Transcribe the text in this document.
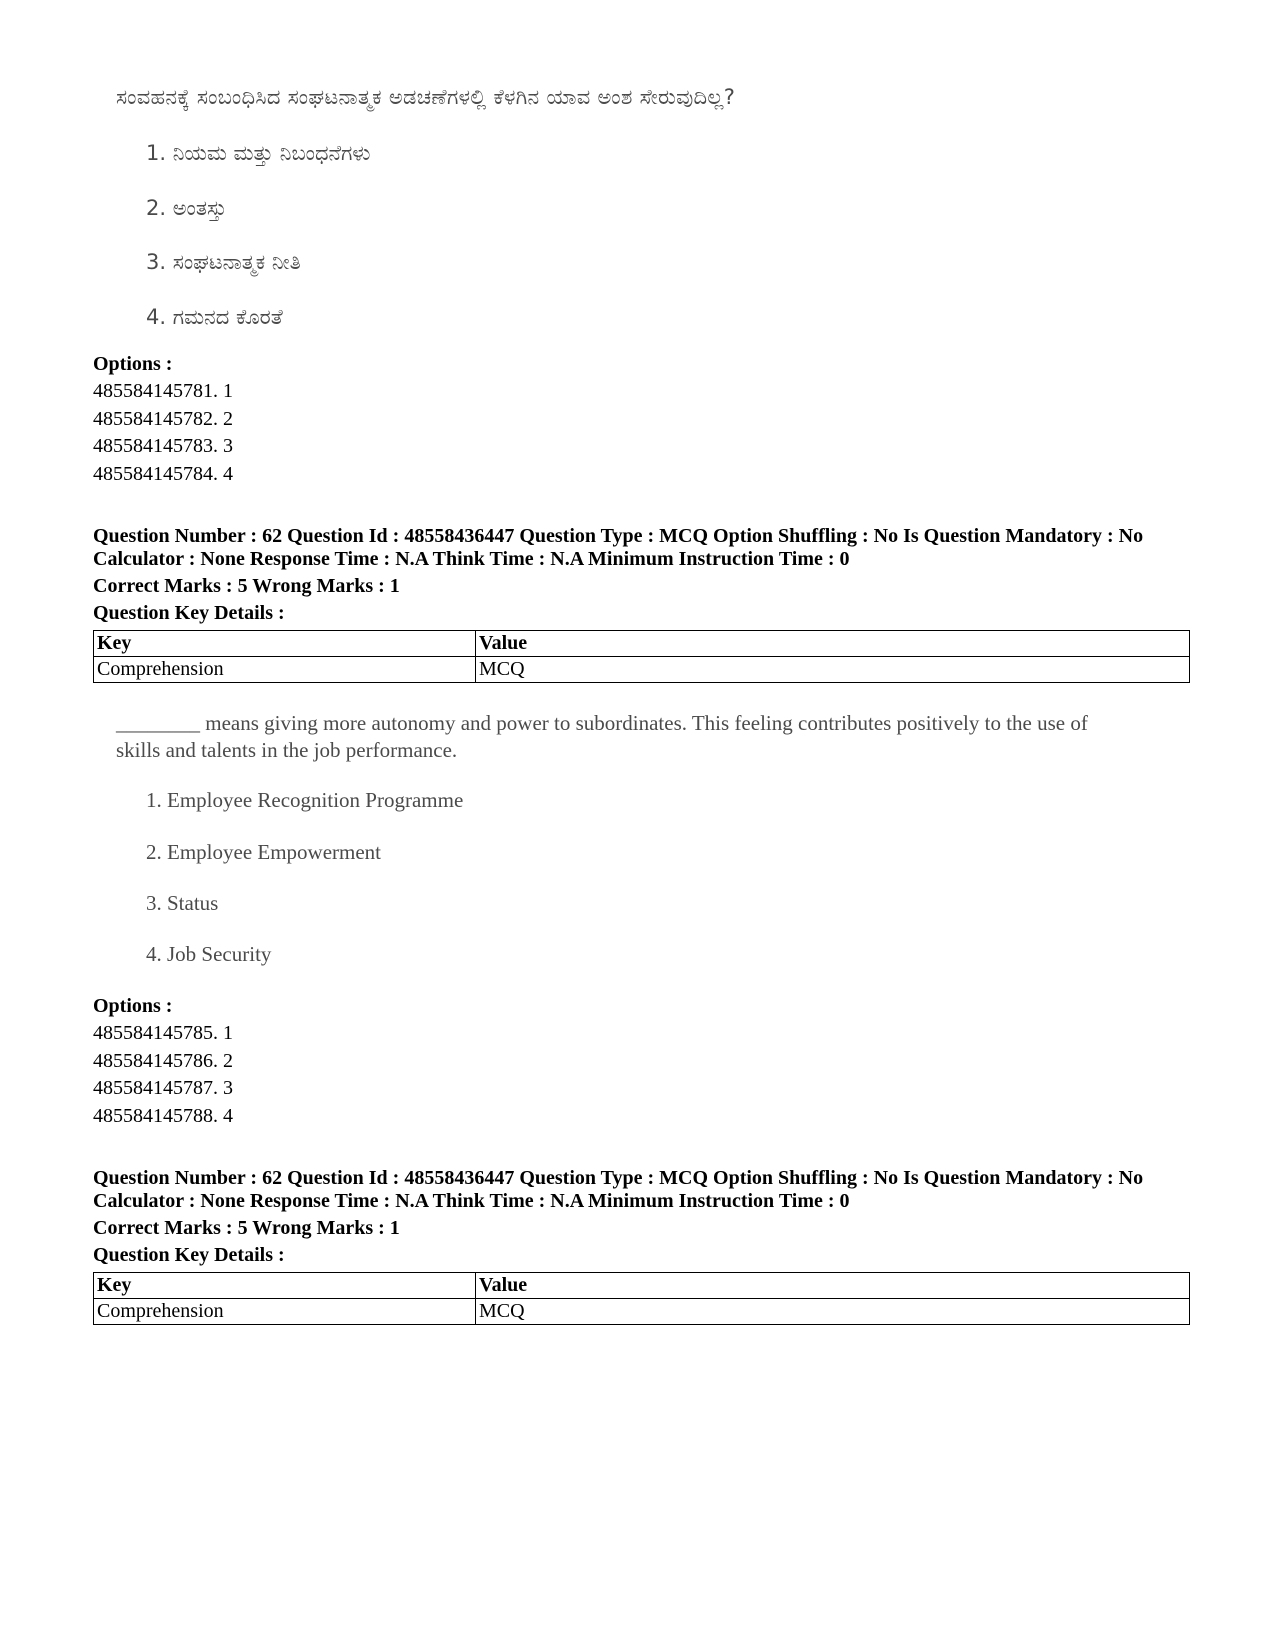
ಸಂವಹನಕ್ಕೆ ಸಂಬಂಧಿಸಿದ ಸಂಘಟನಾತ್ಮಕ ಅಡಚಣೆಗಳಲ್ಲಿ ಕೆಳಗಿನ ಯಾವ ಅಂಶ ಸೇರುವುದಿಲ್ಲ?

1. ನಿಯಮ ಮತ್ತು ನಿಬಂಧನೆಗಳು

2. ಅಂತಸ್ತು

3. ಸಂಘಟನಾತ್ಮಕ ನೀತಿ

4. ಗಮನದ ಕೊರತೆ

Options :
485584145781. 1
485584145782. 2
485584145783. 3
485584145784. 4
Question Number : 62 Question Id : 48558436447 Question Type : MCQ Option Shuffling : No Is Question Mandatory : No Calculator : None Response Time : N.A Think Time : N.A Minimum Instruction Time : 0
Correct Marks : 5 Wrong Marks : 1
Question Key Details :
Key	Value
Comprehension	MCQ

________ means giving more autonomy and power to subordinates. This feeling contributes positively to the use of skills and talents in the job performance.

1. Employee Recognition Programme

2. Employee Empowerment

3. Status

4. Job Security

Options :
485584145785. 1
485584145786. 2
485584145787. 3
485584145788. 4
Question Number : 62 Question Id : 48558436447 Question Type : MCQ Option Shuffling : No Is Question Mandatory : No Calculator : None Response Time : N.A Think Time : N.A Minimum Instruction Time : 0
Correct Marks : 5 Wrong Marks : 1
Question Key Details :
Key	Value
Comprehension	MCQ
